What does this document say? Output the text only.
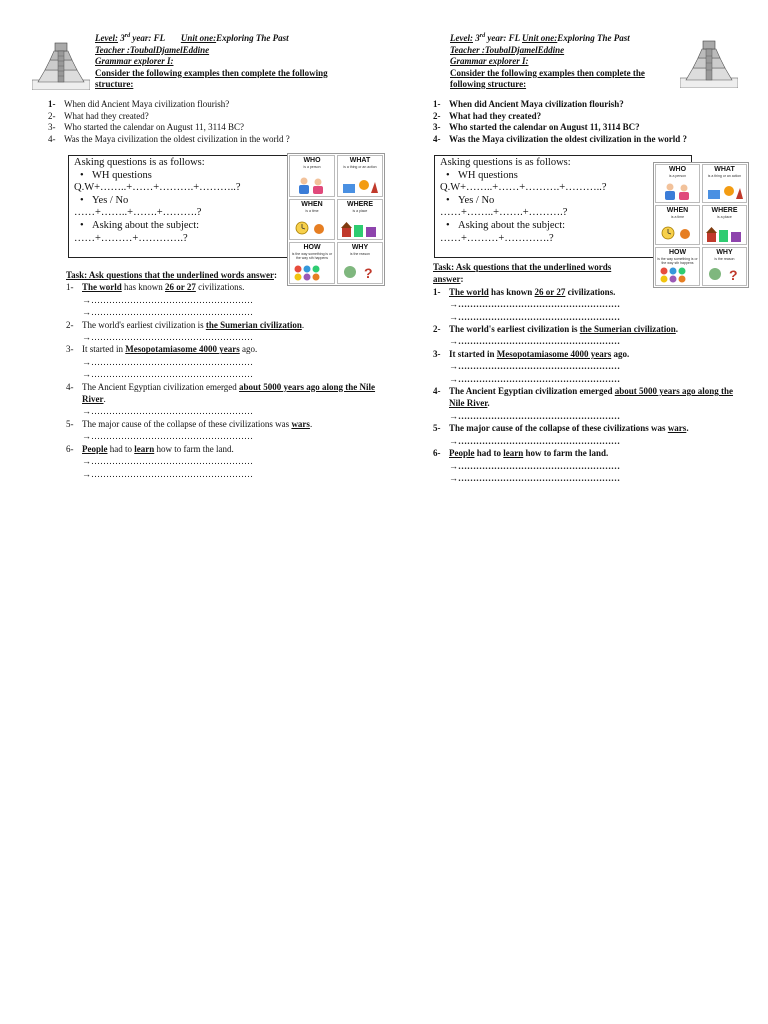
Level: 3rd year: FL Unit one:Exploring The Past
Teacher :ToubalDjamelEddine
Grammar explorer I:
Consider the following examples then complete the following structure:
1- When did Ancient Maya civilization flourish?
2- What had they created?
3- Who started the calendar on August 11, 3114 BC?
4- Was the Maya civilization the oldest civilization in the world ?
Asking questions is as follows:
• WH questions
Q.W+……..+……+……….+………..?
• Yes / No
……+……..+…….+……….?
• Asking about the subject:
……+………+………….?
WHO
is a person
WHAT
is a thing or an action
WHEN
is a time
WHERE
is a place
HOW
is the way something is or the way sth happens
WHY
is the reason
?
Task: Ask questions that the underlined words answer:
1- The world has known 26 or 27 civilizations.
→………………………………………………
→………………………………………………
2- The world's earliest civilization is the Sumerian civilization.
→………………………………………………
3- It started in Mesopotamiasome 4000 years ago.
→………………………………………………
→………………………………………………
4- The Ancient Egyptian civilization emerged about 5000 years ago along the Nile River.
→………………………………………………
5- The major cause of the collapse of these civilizations was wars.
→………………………………………………
6- People had to learn how to farm the land.
→………………………………………………
→………………………………………………
Level: 3rd year: FL Unit one:Exploring The Past
Teacher :ToubalDjamelEddine
Grammar explorer I:
Consider the following examples then complete the following structure:
1- When did Ancient Maya civilization flourish?
2- What had they created?
3- Who started the calendar on August 11, 3114 BC?
4- Was the Maya civilization the oldest civilization in the world ?
Asking questions is as follows:
• WH questions
Q.W+……..+……+……….+………..?
• Yes / No
……+……..+…….+……….?
• Asking about the subject:
……+………+………….?
WHO
is a person
WHAT
is a thing or an action
WHEN
is a time
WHERE
is a place
HOW
is the way something is or the way sth happens
WHY
is the reason
?
Task: Ask questions that the underlined words answer:
1- The world has known 26 or 27 civilizations.
→………………………………………………
→………………………………………………
2- The world's earliest civilization is the Sumerian civilization.
→………………………………………………
3- It started in Mesopotamiasome 4000 years ago.
→………………………………………………
→………………………………………………
4- The Ancient Egyptian civilization emerged about 5000 years ago along the Nile River.
→………………………………………………
5- The major cause of the collapse of these civilizations was wars.
→………………………………………………
6- People had to learn how to farm the land.
→………………………………………………
→………………………………………………
